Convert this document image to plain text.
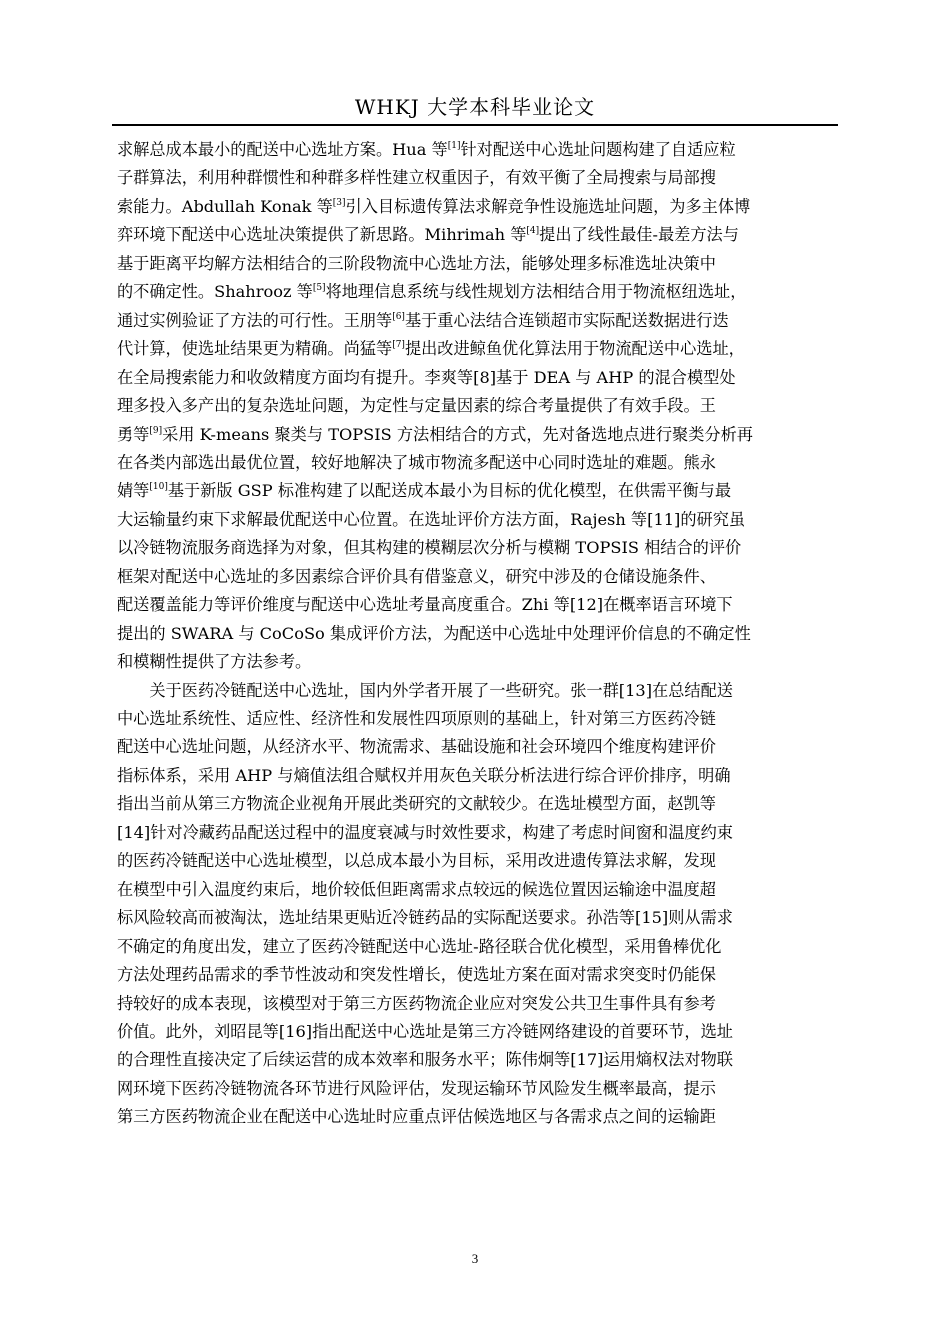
WHKJ 大学本科毕业论文
求解总成本最小的配送中心选址方案。Hua 等[1]针对配送中心选址问题构建了自适应粒
子群算法，利用种群惯性和种群多样性建立权重因子，有效平衡了全局搜索与局部搜
索能力。Abdullah Konak 等[3]引入目标遗传算法求解竞争性设施选址问题，为多主体博
弈环境下配送中心选址决策提供了新思路。Mihrimah 等[4]提出了线性最佳-最差方法与
基于距离平均解方法相结合的三阶段物流中心选址方法，能够处理多标准选址决策中
的不确定性。Shahrooz 等[5]将地理信息系统与线性规划方法相结合用于物流枢纽选址，
通过实例验证了方法的可行性。王朋等[6]基于重心法结合连锁超市实际配送数据进行迭
代计算，使选址结果更为精确。尚猛等[7]提出改进鲸鱼优化算法用于物流配送中心选址，
在全局搜索能力和收敛精度方面均有提升。李爽等[8]基于 DEA 与 AHP 的混合模型处
理多投入多产出的复杂选址问题，为定性与定量因素的综合考量提供了有效手段。王
勇等[9]采用 K-means 聚类与 TOPSIS 方法相结合的方式，先对备选地点进行聚类分析再
在各类内部选出最优位置，较好地解决了城市物流多配送中心同时选址的难题。熊永
婧等[10]基于新版 GSP 标准构建了以配送成本最小为目标的优化模型，在供需平衡与最
大运输量约束下求解最优配送中心位置。在选址评价方法方面，Rajesh 等[11]的研究虽
以冷链物流服务商选择为对象，但其构建的模糊层次分析与模糊 TOPSIS 相结合的评价
框架对配送中心选址的多因素综合评价具有借鉴意义，研究中涉及的仓储设施条件、
配送覆盖能力等评价维度与配送中心选址考量高度重合。Zhi 等[12]在概率语言环境下
提出的 SWARA 与 CoCoSo 集成评价方法，为配送中心选址中处理评价信息的不确定性
和模糊性提供了方法参考。
　　关于医药冷链配送中心选址，国内外学者开展了一些研究。张一群[13]在总结配送
中心选址系统性、适应性、经济性和发展性四项原则的基础上，针对第三方医药冷链
配送中心选址问题，从经济水平、物流需求、基础设施和社会环境四个维度构建评价
指标体系，采用 AHP 与熵值法组合赋权并用灰色关联分析法进行综合评价排序，明确
指出当前从第三方物流企业视角开展此类研究的文献较少。在选址模型方面，赵凯等
[14]针对冷藏药品配送过程中的温度衰减与时效性要求，构建了考虑时间窗和温度约束
的医药冷链配送中心选址模型，以总成本最小为目标，采用改进遗传算法求解，发现
在模型中引入温度约束后，地价较低但距离需求点较远的候选位置因运输途中温度超
标风险较高而被淘汰，选址结果更贴近冷链药品的实际配送要求。孙浩等[15]则从需求
不确定的角度出发，建立了医药冷链配送中心选址-路径联合优化模型，采用鲁棒优化
方法处理药品需求的季节性波动和突发性增长，使选址方案在面对需求突变时仍能保
持较好的成本表现，该模型对于第三方医药物流企业应对突发公共卫生事件具有参考
价值。此外，刘昭昆等[16]指出配送中心选址是第三方冷链网络建设的首要环节，选址
的合理性直接决定了后续运营的成本效率和服务水平；陈伟炯等[17]运用熵权法对物联
网环境下医药冷链物流各环节进行风险评估，发现运输环节风险发生概率最高，提示
第三方医药物流企业在配送中心选址时应重点评估候选地区与各需求点之间的运输距
3
